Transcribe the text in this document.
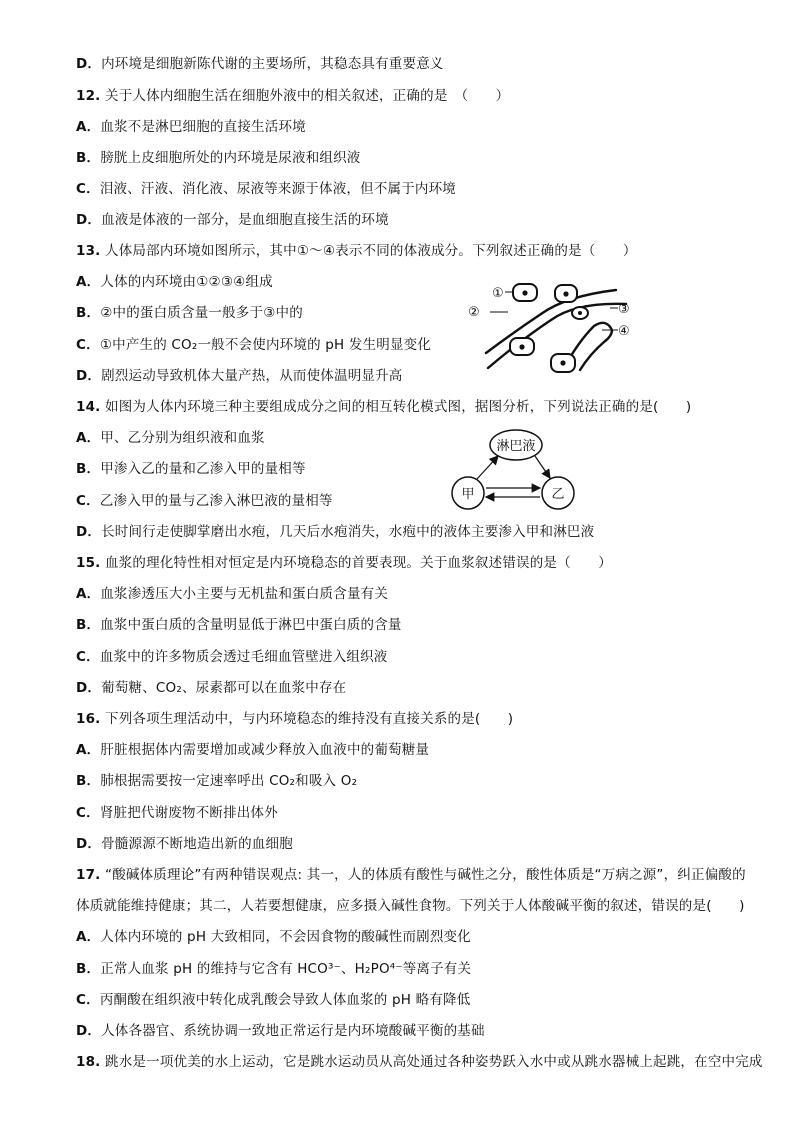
D．内环境是细胞新陈代谢的主要场所，其稳态具有重要意义
12. 关于人体内细胞生活在细胞外液中的相关叙述，正确的是　（　　）
A．血浆不是淋巴细胞的直接生活环境
B．膀胱上皮细胞所处的内环境是尿液和组织液
C．泪液、汗液、消化液、尿液等来源于体液，但不属于内环境
D．血液是体液的一部分，是血细胞直接生活的环境
13. 人体局部内环境如图所示，其中①～④表示不同的体液成分。下列叙述正确的是（　　）
A．人体的内环境由①②③④组成
B．②中的蛋白质含量一般多于③中的
C．①中产生的 CO₂一般不会使内环境的 pH 发生明显变化
D．剧烈运动导致机体大量产热，从而使体温明显升高
14. 如图为人体内环境三种主要组成成分之间的相互转化模式图，据图分析，下列说法正确的是(　　)
A．甲、乙分别为组织液和血浆
B．甲渗入乙的量和乙渗入甲的量相等
C．乙渗入甲的量与乙渗入淋巴液的量相等
D．长时间行走使脚掌磨出水疱，几天后水疱消失，水疱中的液体主要渗入甲和淋巴液
15. 血浆的理化特性相对恒定是内环境稳态的首要表现。关于血浆叙述错误的是（　　）
A．血浆渗透压大小主要与无机盐和蛋白质含量有关
B．血浆中蛋白质的含量明显低于淋巴中蛋白质的含量
C．血浆中的许多物质会透过毛细血管壁进入组织液
D．葡萄糖、CO₂、尿素都可以在血浆中存在
16. 下列各项生理活动中，与内环境稳态的维持没有直接关系的是(　　)
A．肝脏根据体内需要增加或减少释放入血液中的葡萄糖量
B．肺根据需要按一定速率呼出 CO₂和吸入 O₂
C．肾脏把代谢废物不断排出体外
D．骨髓源源不断地造出新的血细胞
17. “酸碱体质理论”有两种错误观点: 其一，人的体质有酸性与碱性之分，酸性体质是“万病之源”，纠正偏酸的
体质就能维持健康；其二，人若要想健康，应多摄入碱性食物。下列关于人体酸碱平衡的叙述，错误的是(　　)
A．人体内环境的 pH 大致相同，不会因食物的酸碱性而剧烈变化
B．正常人血浆 pH 的维持与它含有 HCO³⁻、H₂PO⁴⁻等离子有关
C．丙酮酸在组织液中转化成乳酸会导致人体血浆的 pH 略有降低
D．人体各器官、系统协调一致地正常运行是内环境酸碱平衡的基础
18. 跳水是一项优美的水上运动，它是跳水运动员从高处通过各种姿势跃入水中或从跳水器械上起跳，在空中完成
①
②	③
④
淋巴液
甲	乙
